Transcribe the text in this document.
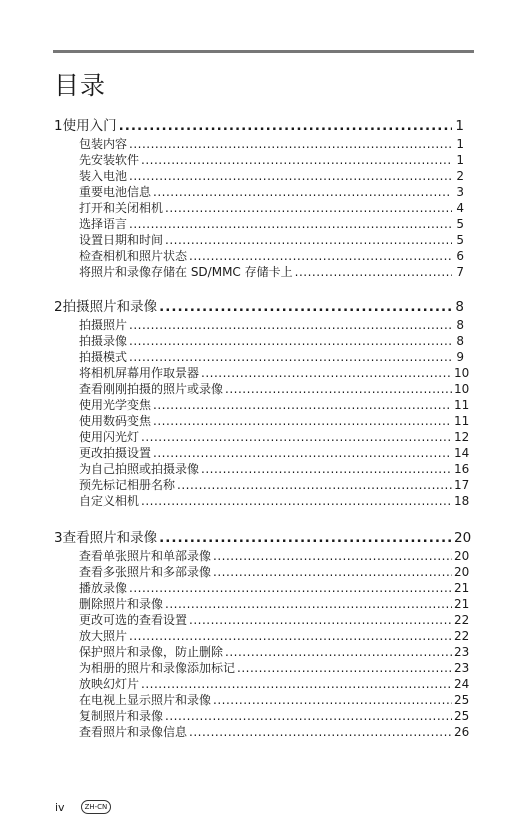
目录
1 使用入门 .....	1
包装内容 .....	1
先安装软件 .....	1
装入电池 .....	2
重要电池信息 .....	3
打开和关闭相机 .....	4
选择语言 .....	5
设置日期和时间 .....	5
检查相机和照片状态 .....	6
将照片和录像存储在 SD/MMC 存储卡上 .....	7
2 拍摄照片和录像 .....	8
拍摄照片 .....	8
拍摄录像 .....	8
拍摄模式 .....	9
将相机屏幕用作取景器 .....	10
查看刚刚拍摄的照片或录像 .....	10
使用光学变焦 .....	11
使用数码变焦 .....	11
使用闪光灯 .....	12
更改拍摄设置 .....	14
为自己拍照或拍摄录像 .....	16
预先标记相册名称 .....	17
自定义相机 .....	18
3 查看照片和录像 .....	20
查看单张照片和单部录像 .....	20
查看多张照片和多部录像 .....	20
播放录像 .....	21
删除照片和录像 .....	21
更改可选的查看设置 .....	22
放大照片 .....	22
保护照片和录像，防止删除 .....	23
为相册的照片和录像添加标记 .....	23
放映幻灯片 .....	24
在电视上显示照片和录像 .....	25
复制照片和录像 .....	25
查看照片和录像信息 .....	26
iv	ZH-CN
